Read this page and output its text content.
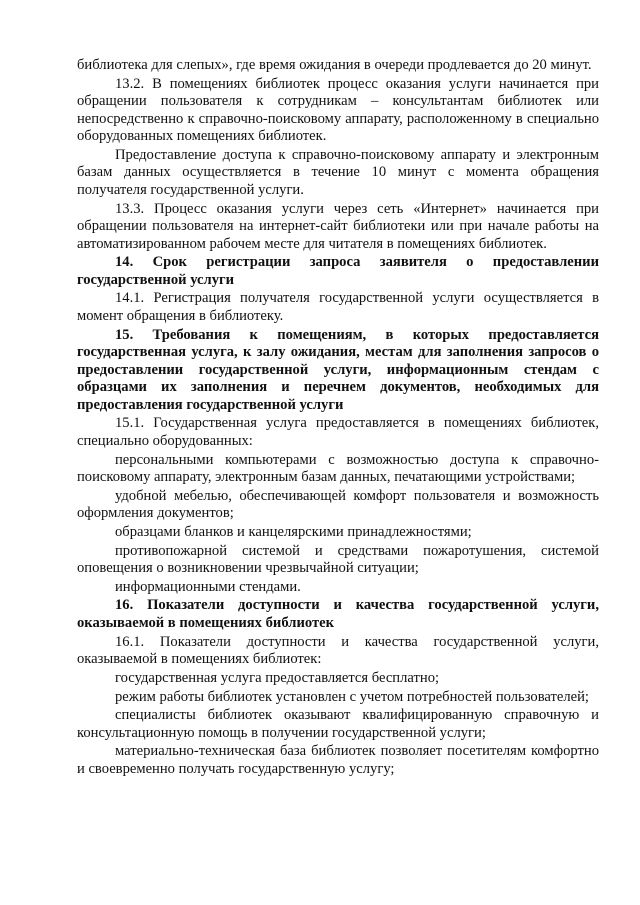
библиотека для слепых», где время ожидания в очереди продлевается до 20 минут.

13.2. В помещениях библиотек процесс оказания услуги начинается при обращении пользователя к сотрудникам – консультантам библиотек или непосредственно к справочно-поисковому аппарату, расположенному в специально оборудованных помещениях библиотек.

Предоставление доступа к справочно-поисковому аппарату и электронным базам данных осуществляется в течение 10 минут с момента обращения получателя государственной услуги.

13.3. Процесс оказания услуги через сеть «Интернет» начинается при обращении пользователя на интернет-сайт библиотеки или при начале работы на автоматизированном рабочем месте для читателя в помещениях библиотек.

14. Срок регистрации запроса заявителя о предоставлении государственной услуги

14.1. Регистрация получателя государственной услуги осуществляется в момент обращения в библиотеку.

15. Требования к помещениям, в которых предоставляется государственная услуга, к залу ожидания, местам для заполнения запросов о предоставлении государственной услуги, информационным стендам с образцами их заполнения и перечнем документов, необходимых для предоставления государственной услуги

15.1. Государственная услуга предоставляется в помещениях библиотек, специально оборудованных:

персональными компьютерами с возможностью доступа к справочно-поисковому аппарату, электронным базам данных, печатающими устройствами;

удобной мебелью, обеспечивающей комфорт пользователя и возможность оформления документов;

образцами бланков и канцелярскими принадлежностями;

противопожарной системой и средствами пожаротушения, системой оповещения о возникновении чрезвычайной ситуации;

информационными стендами.

16. Показатели доступности и качества государственной услуги, оказываемой в помещениях библиотек

16.1. Показатели доступности и качества государственной услуги, оказываемой в помещениях библиотек:

государственная услуга предоставляется бесплатно;

режим работы библиотек установлен с учетом потребностей пользователей;

специалисты библиотек оказывают квалифицированную справочную и консультационную помощь в получении государственной услуги;

материально-техническая база библиотек позволяет посетителям комфортно и своевременно получать государственную услугу;
